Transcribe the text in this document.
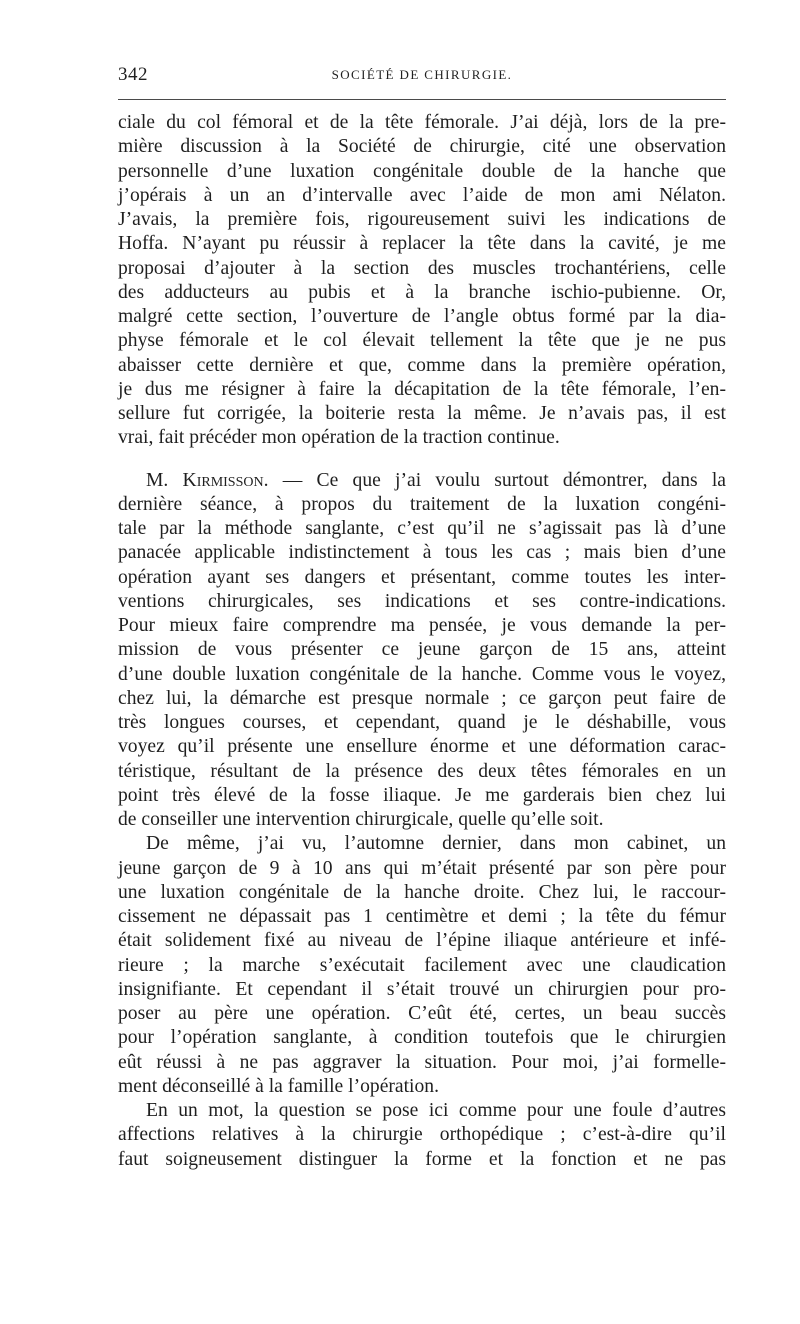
342	SOCIÉTÉ DE CHIRURGIE.

ciale du col fémoral et de la tête fémorale. J’ai déjà, lors de la pre-
mière discussion à la Société de chirurgie, cité une observation
personnelle d’une luxation congénitale double de la hanche que
j’opérais à un an d’intervalle avec l’aide de mon ami Nélaton.
J’avais, la première fois, rigoureusement suivi les indications de
Hoffa. N’ayant pu réussir à replacer la tête dans la cavité, je me
proposai d’ajouter à la section des muscles trochantériens, celle
des adducteurs au pubis et à la branche ischio-pubienne. Or,
malgré cette section, l’ouverture de l’angle obtus formé par la dia-
physe fémorale et le col élevait tellement la tête que je ne pus
abaisser cette dernière et que, comme dans la première opération,
je dus me résigner à faire la décapitation de la tête fémorale, l’en-
sellure fut corrigée, la boiterie resta la même. Je n’avais pas, il est
vrai, fait précéder mon opération de la traction continue.

M. Kirmisson. — Ce que j’ai voulu surtout démontrer, dans la
dernière séance, à propos du traitement de la luxation congéni-
tale par la méthode sanglante, c’est qu’il ne s’agissait pas là d’une
panacée applicable indistinctement à tous les cas ; mais bien d’une
opération ayant ses dangers et présentant, comme toutes les inter-
ventions chirurgicales, ses indications et ses contre-indications.
Pour mieux faire comprendre ma pensée, je vous demande la per-
mission de vous présenter ce jeune garçon de 15 ans, atteint
d’une double luxation congénitale de la hanche. Comme vous le voyez,
chez lui, la démarche est presque normale ; ce garçon peut faire de
très longues courses, et cependant, quand je le déshabille, vous
voyez qu’il présente une ensellure énorme et une déformation carac-
téristique, résultant de la présence des deux têtes fémorales en un
point très élevé de la fosse iliaque. Je me garderais bien chez lui
de conseiller une intervention chirurgicale, quelle qu’elle soit.

De même, j’ai vu, l’automne dernier, dans mon cabinet, un
jeune garçon de 9 à 10 ans qui m’était présenté par son père pour
une luxation congénitale de la hanche droite. Chez lui, le raccour-
cissement ne dépassait pas 1 centimètre et demi ; la tête du fémur
était solidement fixé au niveau de l’épine iliaque antérieure et infé-
rieure ; la marche s’exécutait facilement avec une claudication
insignifiante. Et cependant il s’était trouvé un chirurgien pour pro-
poser au père une opération. C’eût été, certes, un beau succès
pour l’opération sanglante, à condition toutefois que le chirurgien
eût réussi à ne pas aggraver la situation. Pour moi, j’ai formelle-
ment déconseillé à la famille l’opération.

En un mot, la question se pose ici comme pour une foule d’autres
affections relatives à la chirurgie orthopédique ; c’est-à-dire qu’il
faut soigneusement distinguer la forme et la fonction et ne pas
